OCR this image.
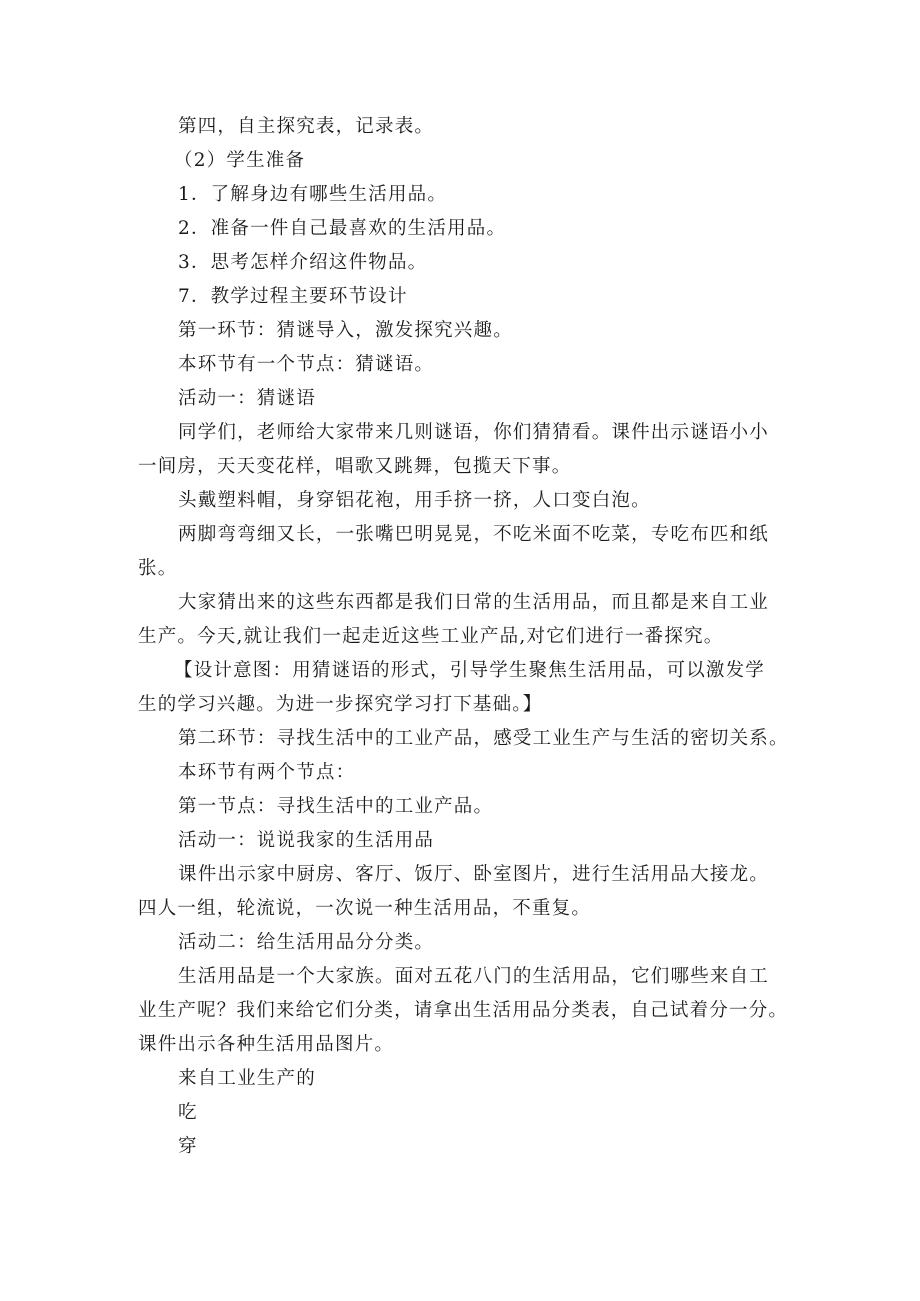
第四，自主探究表，记录表。
（2）学生准备
1．了解身边有哪些生活用品。
2．准备一件自己最喜欢的生活用品。
3．思考怎样介绍这件物品。
7．教学过程主要环节设计
第一环节：猜谜导入，激发探究兴趣。
本环节有一个节点：猜谜语。
活动一：猜谜语
同学们，老师给大家带来几则谜语，你们猜猜看。课件出示谜语小小
一间房，天天变花样，唱歌又跳舞，包揽天下事。
头戴塑料帽，身穿铝花袍，用手挤一挤，人口变白泡。
两脚弯弯细又长，一张嘴巴明晃晃，不吃米面不吃菜，专吃布匹和纸
张。
大家猜出来的这些东西都是我们日常的生活用品，而且都是来自工业
生产。今天,就让我们一起走近这些工业产品,对它们进行一番探究。
【设计意图：用猜谜语的形式，引导学生聚焦生活用品，可以激发学
生的学习兴趣。为进一步探究学习打下基础。】
第二环节：寻找生活中的工业产品，感受工业生产与生活的密切关系。
本环节有两个节点：
第一节点：寻找生活中的工业产品。
活动一：说说我家的生活用品
课件出示家中厨房、客厅、饭厅、卧室图片，进行生活用品大接龙。
四人一组，轮流说，一次说一种生活用品，不重复。
活动二：给生活用品分分类。
生活用品是一个大家族。面对五花八门的生活用品，它们哪些来自工
业生产呢？我们来给它们分类，请拿出生活用品分类表，自己试着分一分。
课件出示各种生活用品图片。
来自工业生产的
吃
穿
